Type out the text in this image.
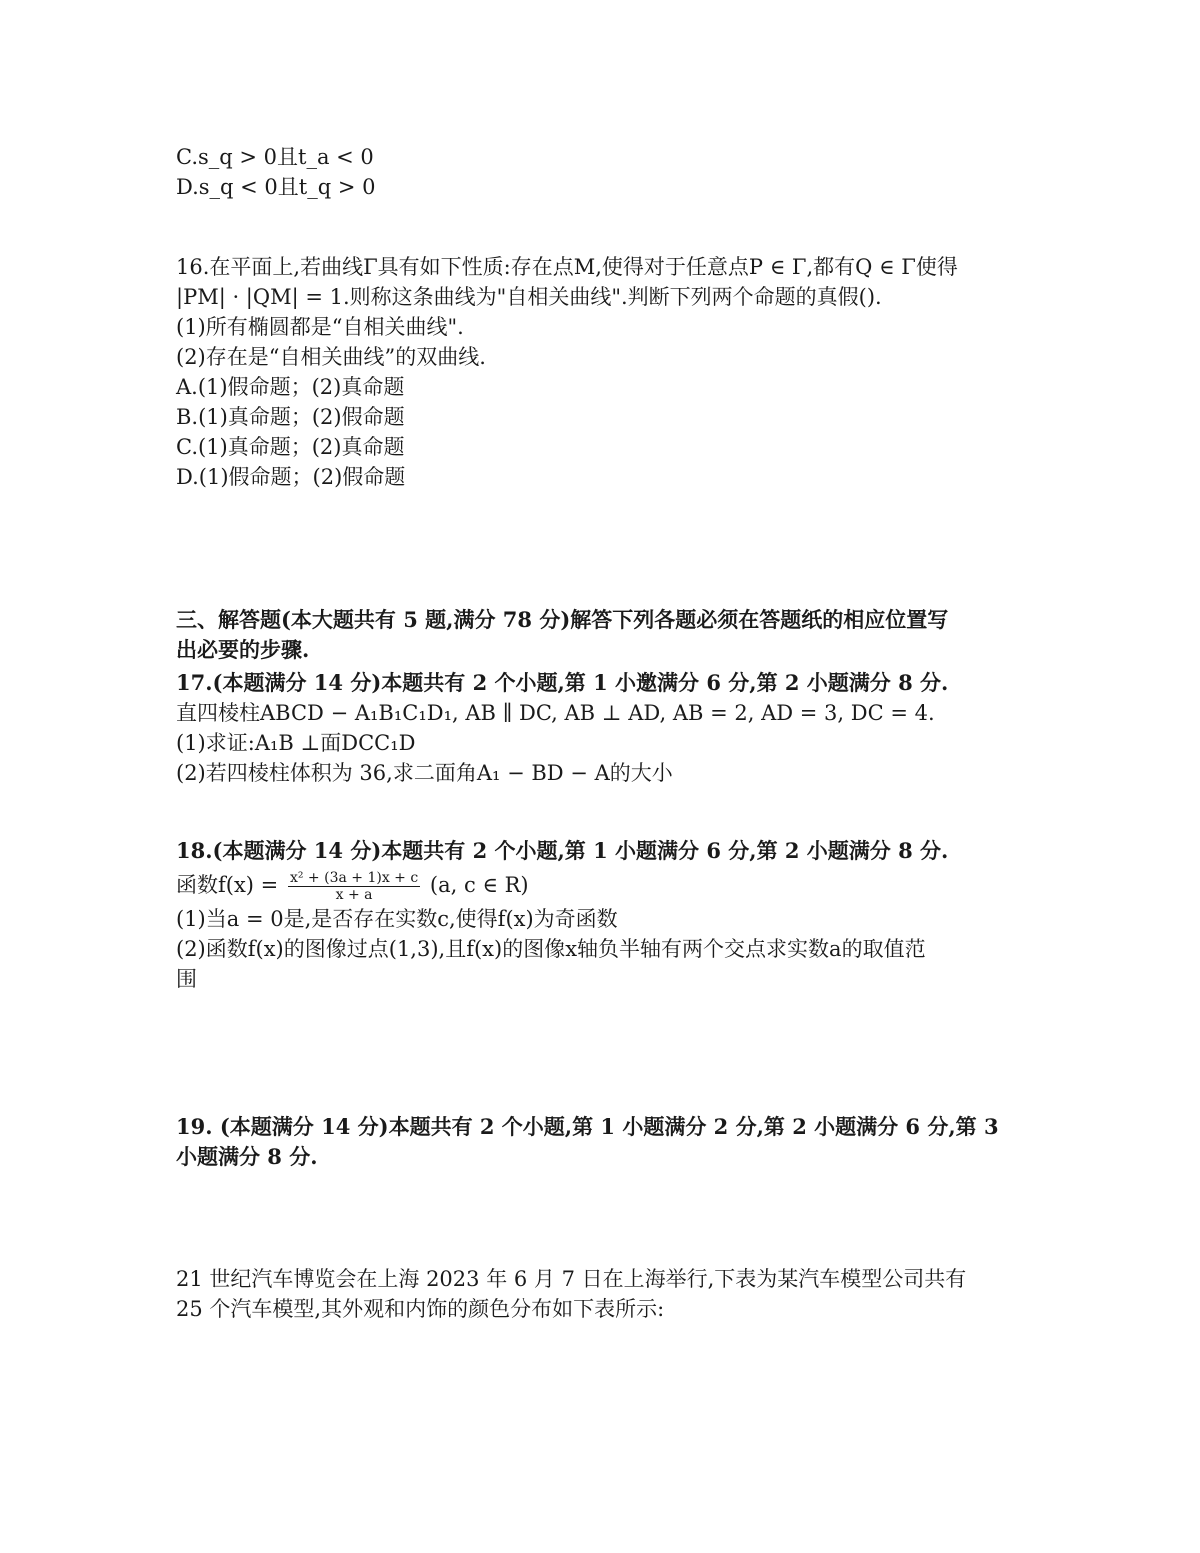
C.s_q > 0且t_a < 0
D.s_q < 0且t_q > 0
16.在平面上,若曲线Γ具有如下性质:存在点M,使得对于任意点P ∈ Γ,都有Q ∈ Γ使得
|PM| · |QM| = 1.则称这条曲线为"自相关曲线".判断下列两个命题的真假().
(1)所有椭圆都是“自相关曲线".
(2)存在是“自相关曲线”的双曲线.
A.(1)假命题；(2)真命题
B.(1)真命题；(2)假命题
C.(1)真命题；(2)真命题
D.(1)假命题；(2)假命题
三、解答题(本大题共有 5 题,满分 78 分)解答下列各题必须在答题纸的相应位置写
出必要的步骤.
17.(本题满分 14 分)本题共有 2 个小题,第 1 小邀满分 6 分,第 2 小题满分 8 分.
直四棱柱ABCD − A₁B₁C₁D₁, AB ∥ DC, AB ⊥ AD, AB = 2, AD = 3, DC = 4.
(1)求证:A₁B ⊥面DCC₁D
(2)若四棱柱体积为 36,求二面角A₁ − BD − A的大小
18.(本题满分 14 分)本题共有 2 个小题,第 1 小题满分 6 分,第 2 小题满分 8 分.
函数$f(x) = \frac{\text{x² + (3a + 1)x + c}}{x + a} (a$, c ∈ R)
(1)当a = 0是,是否存在实数c,使得f(x)为奇函数
(2)函数f(x)的图像过点(1,3),且f(x)的图像x轴负半轴有两个交点求实数a的取值范
围
19. (本题满分 14 分)本题共有 2 个小题,第 1 小题满分 2 分,第 2 小题满分 6 分,第 3
小题满分 8 分.
21 世纪汽车博览会在上海 2023 年 6 月 7 日在上海举行,下表为某汽车模型公司共有
25 个汽车模型,其外观和内饰的颜色分布如下表所示:
